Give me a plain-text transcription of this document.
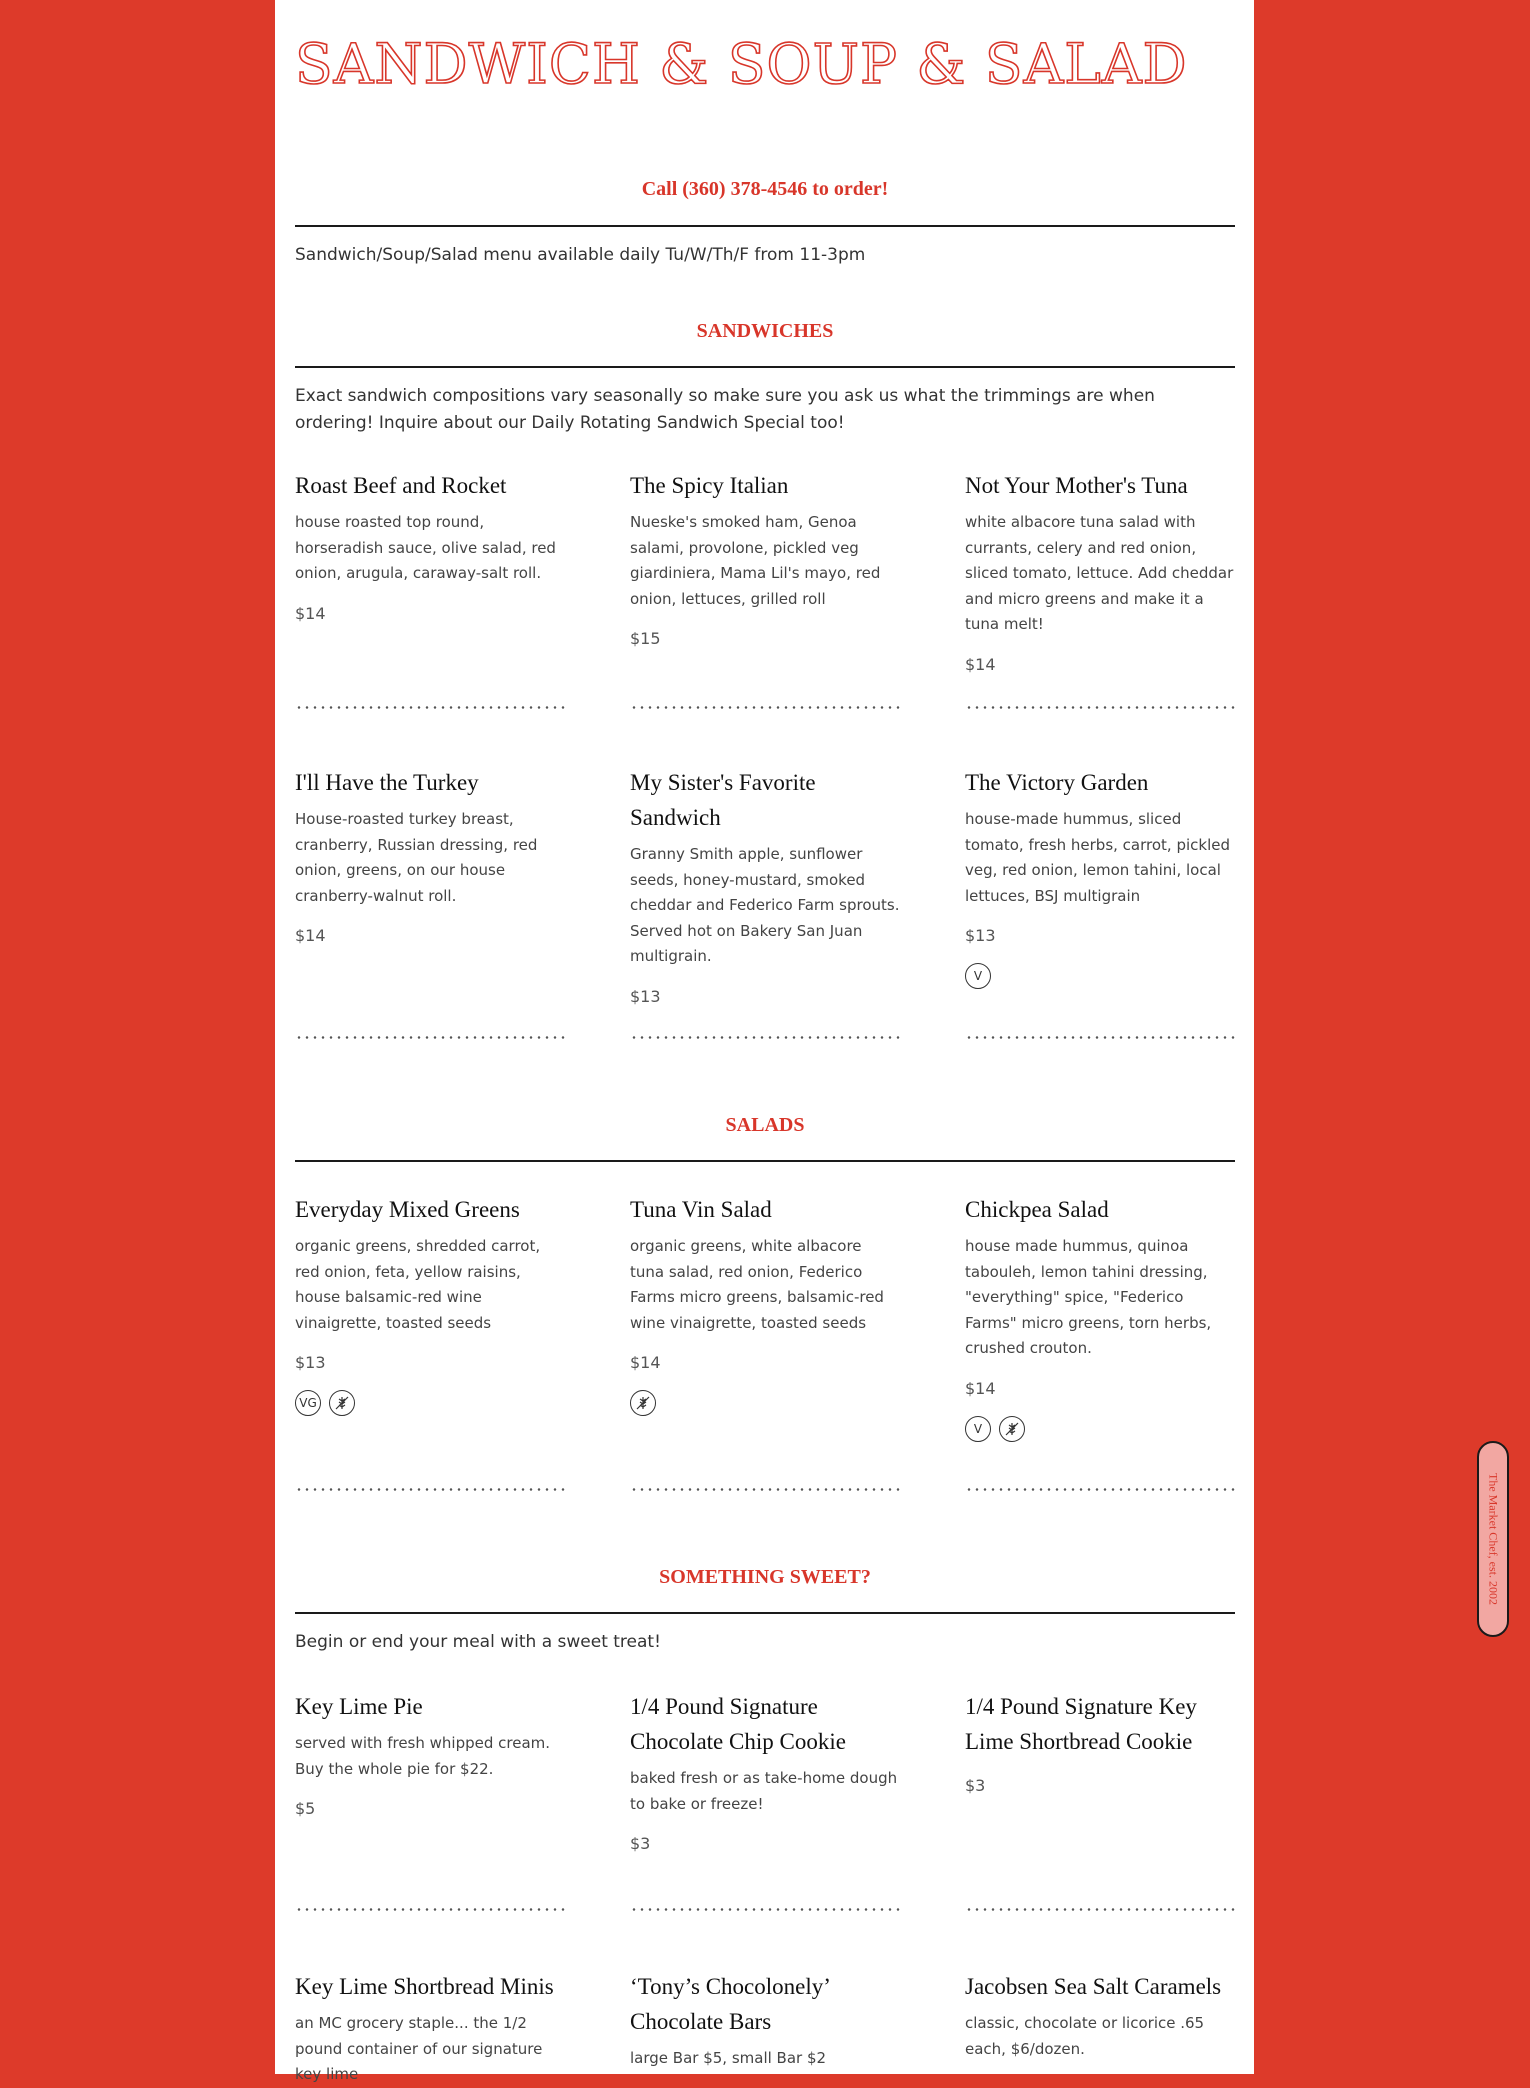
SANDWICH & SOUP & SALAD
Call (360) 378-4546 to order!
Sandwich/Soup/Salad menu available daily Tu/W/Th/F from 11-3pm
SANDWICHES
Exact sandwich compositions vary seasonally so make sure you ask us what the trimmings are when ordering! Inquire about our Daily Rotating Sandwich Special too!
Roast Beef and Rocket
house roasted top round, horseradish sauce, olive salad, red onion, arugula, caraway-salt roll.
$14
The Spicy Italian
Nueske's smoked ham, Genoa salami, provolone, pickled veg giardiniera, Mama Lil's mayo, red onion, lettuces, grilled roll
$15
Not Your Mother's Tuna
white albacore tuna salad with currants, celery and red onion, sliced tomato, lettuce. Add cheddar and micro greens and make it a tuna melt!
$14
I'll Have the Turkey
House-roasted turkey breast, cranberry, Russian dressing, red onion, greens, on our house cranberry-walnut roll.
$14
My Sister's Favorite Sandwich
Granny Smith apple, sunflower seeds, honey-mustard, smoked cheddar and Federico Farm sprouts. Served hot on Bakery San Juan multigrain.
$13
The Victory Garden
house-made hummus, sliced tomato, fresh herbs, carrot, pickled veg, red onion, lemon tahini, local lettuces, BSJ multigrain
$13
V
SALADS
Everyday Mixed Greens
organic greens, shredded carrot, red onion, feta, yellow raisins, house balsamic-red wine vinaigrette, toasted seeds
$13
VG
Tuna Vin Salad
organic greens, white albacore tuna salad, red onion, Federico Farms micro greens, balsamic-red wine vinaigrette, toasted seeds
$14
Chickpea Salad
house made hummus, quinoa tabouleh, lemon tahini dressing, "everything" spice, "Federico Farms" micro greens, torn herbs, crushed crouton.
$14
V
SOMETHING SWEET?
Begin or end your meal with a sweet treat!
Key Lime Pie
served with fresh whipped cream. Buy the whole pie for $22.
$5
1/4 Pound Signature Chocolate Chip Cookie
baked fresh or as take-home dough to bake or freeze!
$3
1/4 Pound Signature Key Lime Shortbread Cookie
$3
Key Lime Shortbread Minis
an MC grocery staple... the 1/2 pound container of our signature key lime
‘Tony’s Chocolonely’ Chocolate Bars
large Bar $5, small Bar $2
Jacobsen Sea Salt Caramels
classic, chocolate or licorice .65 each, $6/dozen.
The Market Chef, est. 2002
